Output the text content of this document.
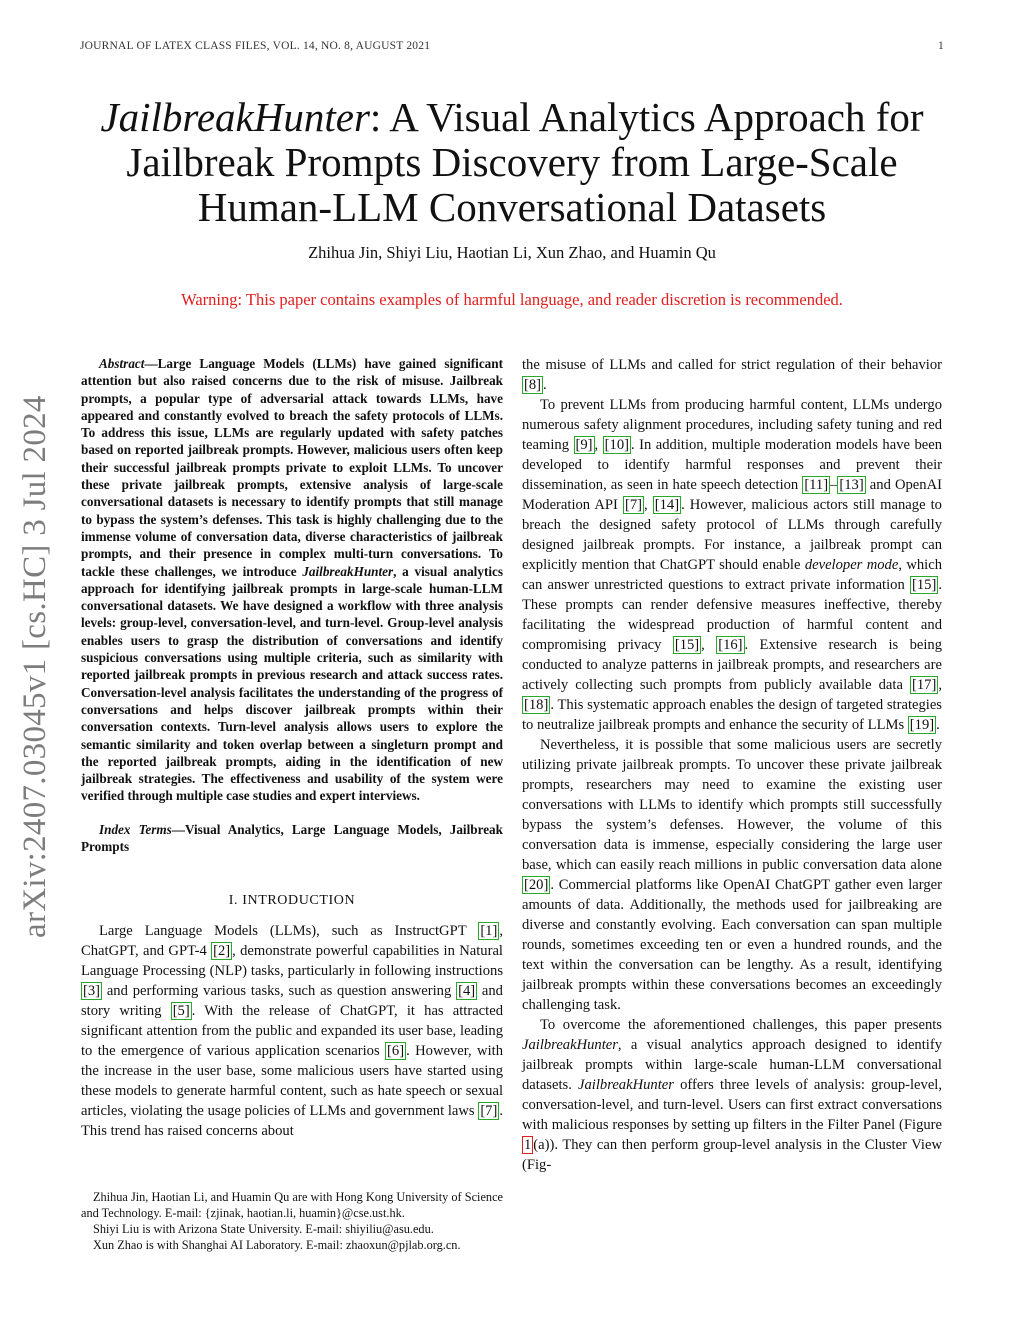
JOURNAL OF LATEX CLASS FILES, VOL. 14, NO. 8, AUGUST 2021	1
arXiv:2407.03045v1 [cs.HC] 3 Jul 2024
JailbreakHunter: A Visual Analytics Approach for Jailbreak Prompts Discovery from Large-Scale Human-LLM Conversational Datasets
Zhihua Jin, Shiyi Liu, Haotian Li, Xun Zhao, and Huamin Qu
Warning: This paper contains examples of harmful language, and reader discretion is recommended.

Abstract—Large Language Models (LLMs) have gained significant attention but also raised concerns due to the risk of misuse. Jailbreak prompts, a popular type of adversarial attack towards LLMs, have appeared and constantly evolved to breach the safety protocols of LLMs. To address this issue, LLMs are regularly updated with safety patches based on reported jailbreak prompts. However, malicious users often keep their successful jailbreak prompts private to exploit LLMs. To uncover these private jailbreak prompts, extensive analysis of large-scale conversational datasets is necessary to identify prompts that still manage to bypass the system’s defenses. This task is highly challenging due to the immense volume of conversation data, diverse characteristics of jailbreak prompts, and their presence in complex multi-turn conversations. To tackle these challenges, we introduce JailbreakHunter, a visual analytics approach for identifying jailbreak prompts in large-scale human-LLM conversational datasets. We have designed a workflow with three analysis levels: group-level, conversation-level, and turn-level. Group-level analysis enables users to grasp the distribution of conversations and identify suspicious conversations using multiple criteria, such as similarity with reported jailbreak prompts in previous research and attack success rates. Conversation-level analysis facilitates the understanding of the progress of conversations and helps discover jailbreak prompts within their conversation contexts. Turn-level analysis allows users to explore the semantic similarity and token overlap between a singleturn prompt and the reported jailbreak prompts, aiding in the identification of new jailbreak strategies. The effectiveness and usability of the system were verified through multiple case studies and expert interviews.

Index Terms—Visual Analytics, Large Language Models, Jailbreak Prompts

I. INTRODUCTION

Large Language Models (LLMs), such as InstructGPT [1] , ChatGPT, and GPT-4 [2] , demonstrate powerful capabilities in Natural Language Processing (NLP) tasks, particularly in following instructions [3] and performing various tasks, such as question answering [4] and story writing [5] . With the release of ChatGPT, it has attracted significant attention from the public and expanded its user base, leading to the emergence of various application scenarios [6] . However, with the increase in the user base, some malicious users have started using these models to generate harmful content, such as hate speech or sexual articles, violating the usage policies of LLMs and government laws [7] . This trend has raised concerns about

Zhihua Jin, Haotian Li, and Huamin Qu are with Hong Kong University of Science and Technology. E-mail: {zjinak, haotian.li, huamin}@cse.ust.hk.

Shiyi Liu is with Arizona State University. E-mail: shiyiliu@asu.edu.

Xun Zhao is with Shanghai AI Laboratory. E-mail: zhaoxun@pjlab.org.cn.

the misuse of LLMs and called for strict regulation of their behavior [8] .

To prevent LLMs from producing harmful content, LLMs undergo numerous safety alignment procedures, including safety tuning and red teaming [9] , [10] . In addition, multiple moderation models have been developed to identify harmful responses and prevent their dissemination, as seen in hate speech detection [11] – [13] and OpenAI Moderation API [7] , [14] . However, malicious actors still manage to breach the designed safety protocol of LLMs through carefully designed jailbreak prompts. For instance, a jailbreak prompt can explicitly mention that ChatGPT should enable developer mode, which can answer unrestricted questions to extract private information [15] . These prompts can render defensive measures ineffective, thereby facilitating the widespread production of harmful content and compromising privacy [15] , [16] . Extensive research is being conducted to analyze patterns in jailbreak prompts, and researchers are actively collecting such prompts from publicly available data [17] , [18] . This systematic approach enables the design of targeted strategies to neutralize jailbreak prompts and enhance the security of LLMs [19] .

Nevertheless, it is possible that some malicious users are secretly utilizing private jailbreak prompts. To uncover these private jailbreak prompts, researchers may need to examine the existing user conversations with LLMs to identify which prompts still successfully bypass the system’s defenses. However, the volume of this conversation data is immense, especially considering the large user base, which can easily reach millions in public conversation data alone [20] . Commercial platforms like OpenAI ChatGPT gather even larger amounts of data. Additionally, the methods used for jailbreaking are diverse and constantly evolving. Each conversation can span multiple rounds, sometimes exceeding ten or even a hundred rounds, and the text within the conversation can be lengthy. As a result, identifying jailbreak prompts within these conversations becomes an exceedingly challenging task.

To overcome the aforementioned challenges, this paper presents JailbreakHunter, a visual analytics approach designed to identify jailbreak prompts within large-scale human-LLM conversational datasets. JailbreakHunter offers three levels of analysis: group-level, conversation-level, and turn-level. Users can first extract conversations with malicious responses by setting up filters in the Filter Panel (Figure 1 (a)). They can then perform group-level analysis in the Cluster View (Fig-
